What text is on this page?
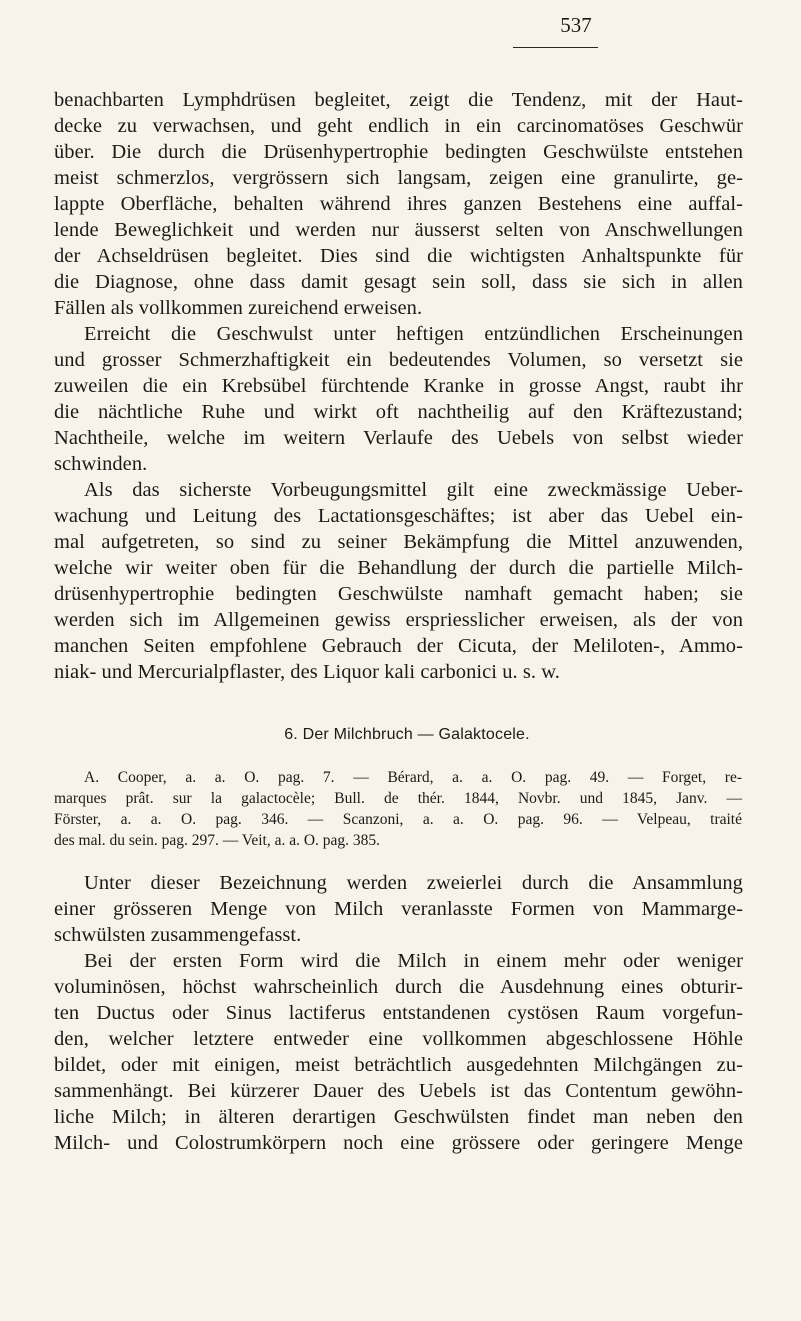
537
benachbarten Lymphdrüsen begleitet, zeigt die Tendenz, mit der Haut-
decke zu verwachsen, und geht endlich in ein carcinomatöses Geschwür
über. Die durch die Drüsenhypertrophie bedingten Geschwülste entstehen
meist schmerzlos, vergrössern sich langsam, zeigen eine granulirte, ge-
lappte Oberfläche, behalten während ihres ganzen Bestehens eine auffal-
lende Beweglichkeit und werden nur äusserst selten von Anschwellungen
der Achseldrüsen begleitet. Dies sind die wichtigsten Anhaltspunkte für
die Diagnose, ohne dass damit gesagt sein soll, dass sie sich in allen
Fällen als vollkommen zureichend erweisen.
Erreicht die Geschwulst unter heftigen entzündlichen Erscheinungen
und grosser Schmerzhaftigkeit ein bedeutendes Volumen, so versetzt sie
zuweilen die ein Krebsübel fürchtende Kranke in grosse Angst, raubt ihr
die nächtliche Ruhe und wirkt oft nachtheilig auf den Kräftezustand;
Nachtheile, welche im weitern Verlaufe des Uebels von selbst wieder
schwinden.
Als das sicherste Vorbeugungsmittel gilt eine zweckmässige Ueber-
wachung und Leitung des Lactationsgeschäftes; ist aber das Uebel ein-
mal aufgetreten, so sind zu seiner Bekämpfung die Mittel anzuwenden,
welche wir weiter oben für die Behandlung der durch die partielle Milch-
drüsenhypertrophie bedingten Geschwülste namhaft gemacht haben; sie
werden sich im Allgemeinen gewiss erspriesslicher erweisen, als der von
manchen Seiten empfohlene Gebrauch der Cicuta, der Meliloten-, Ammo-
niak- und Mercurialpflaster, des Liquor kali carbonici u. s. w.
6. Der Milchbruch — Galaktocele.
A. Cooper, a. a. O. pag. 7. — Bérard, a. a. O. pag. 49. — Forget, re-
marques prât. sur la galactocèle; Bull. de thér. 1844, Novbr. und 1845, Janv. —
Förster, a. a. O. pag. 346. — Scanzoni, a. a. O. pag. 96. — Velpeau, traité
des mal. du sein. pag. 297. — Veit, a. a. O. pag. 385.
Unter dieser Bezeichnung werden zweierlei durch die Ansammlung
einer grösseren Menge von Milch veranlasste Formen von Mammarge-
schwülsten zusammengefasst.
Bei der ersten Form wird die Milch in einem mehr oder weniger
voluminösen, höchst wahrscheinlich durch die Ausdehnung eines obturir-
ten Ductus oder Sinus lactiferus entstandenen cystösen Raum vorgefun-
den, welcher letztere entweder eine vollkommen abgeschlossene Höhle
bildet, oder mit einigen, meist beträchtlich ausgedehnten Milchgängen zu-
sammenhängt. Bei kürzerer Dauer des Uebels ist das Contentum gewöhn-
liche Milch; in älteren derartigen Geschwülsten findet man neben den
Milch- und Colostrumkörpern noch eine grössere oder geringere Menge
